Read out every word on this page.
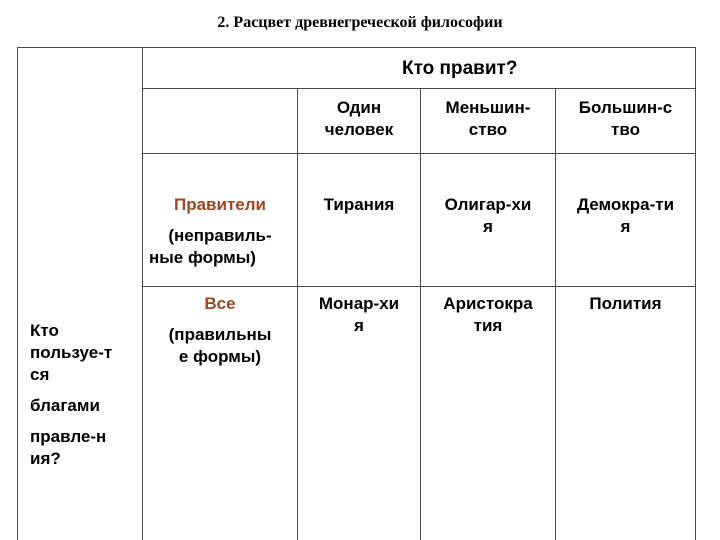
2. Расцвет древнегреческой философии
Кто
пользуе-т
ся
благами
правле-н
ия?
Кто правит?
Один
человек
Меньшин-
ство
Большин-с
тво
Правители
(неправиль-
ные формы)
Тирания	Олигар-хи
я
Демокра-ти
я
Все
(правильны
е формы)
Монар-хи
я
Аристокра
тия
Полития
